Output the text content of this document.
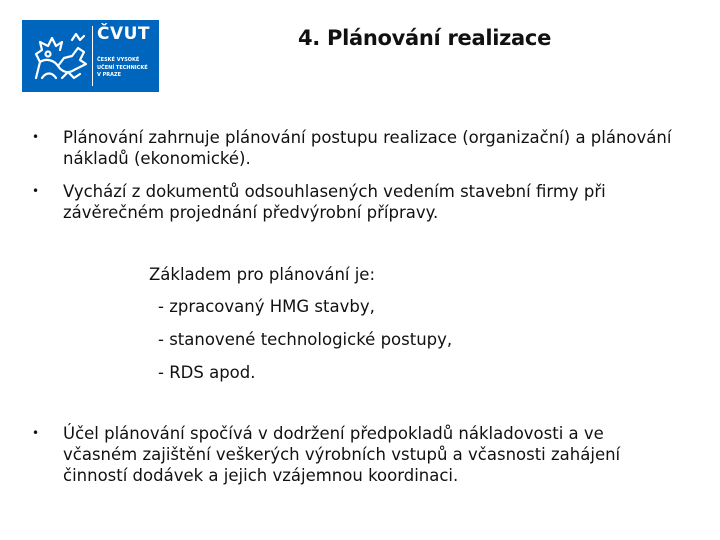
ČVUT
ČESKÉ VYSOKÉ
UČENÍ TECHNICKÉ
V PRAZE
4. Plánování realizace
• Plánování zahrnuje plánování postupu realizace (organizační) a plánování nákladů (ekonomické).
• Vychází z dokumentů odsouhlasených vedením stavební firmy při závěrečném projednání předvýrobní přípravy.
Základem pro plánování je:
- zpracovaný HMG stavby,
- stanovené technologické postupy,
- RDS apod.
• Účel plánování spočívá v dodržení předpokladů nákladovosti a ve včasném zajištění veškerých výrobních vstupů a včasnosti zahájení činností dodávek a jejich vzájemnou koordinaci.
